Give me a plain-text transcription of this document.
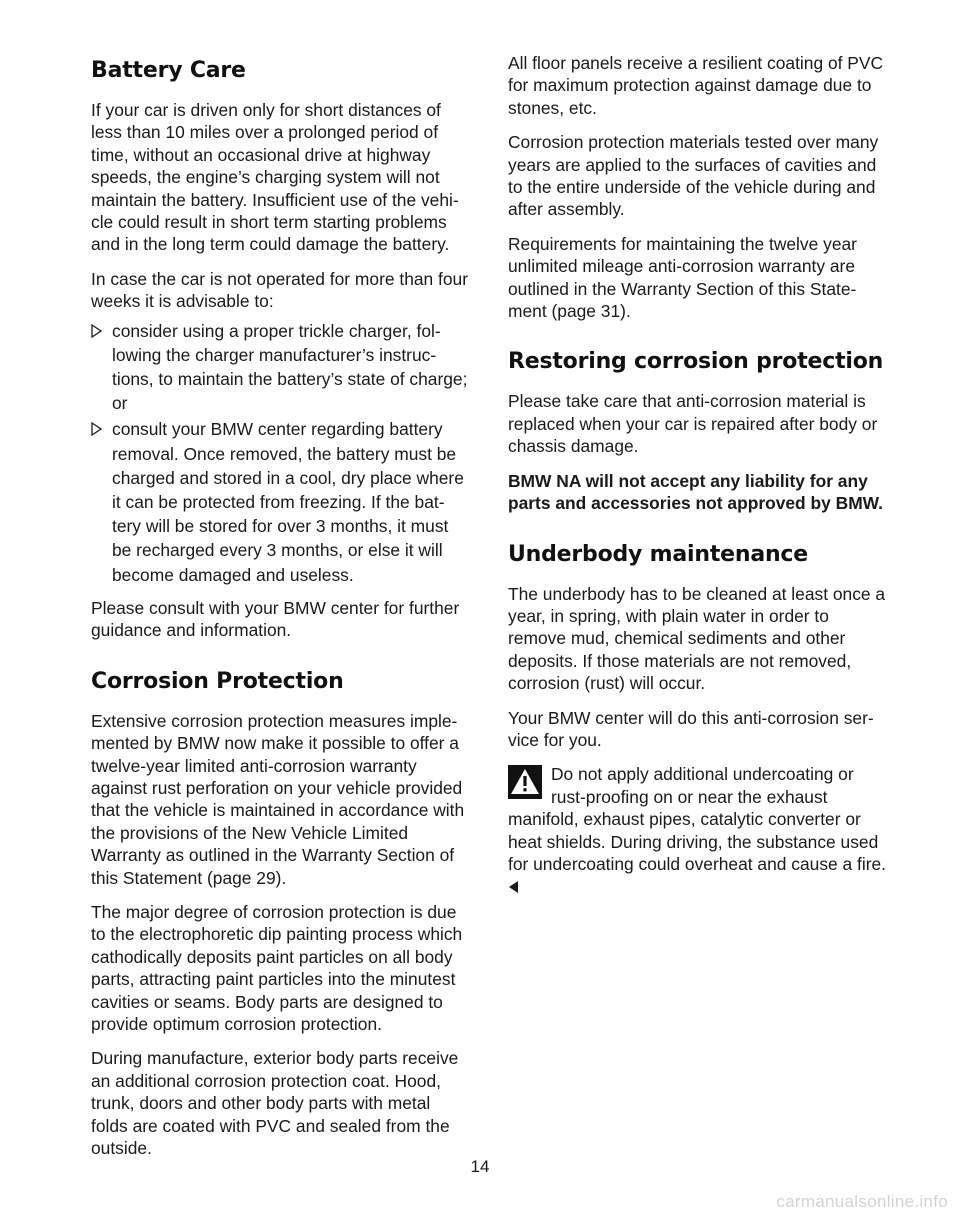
Battery Care

If your car is driven only for short distances of less than 10 miles over a prolonged period of time, without an occasional drive at highway speeds, the engine’s charging system will not maintain the battery. Insufficient use of the vehi-cle could result in short term starting problems and in the long term could damage the battery.

In case the car is not operated for more than four weeks it is advisable to:

consider using a proper trickle charger, fol-lowing the charger manufacturer’s instruc-tions, to maintain the battery’s state of charge; or
consult your BMW center regarding battery removal. Once removed, the battery must be charged and stored in a cool, dry place where it can be protected from freezing. If the bat-tery will be stored for over 3 months, it must be recharged every 3 months, or else it will become damaged and useless.

Please consult with your BMW center for further guidance and information.

Corrosion Protection

Extensive corrosion protection measures imple-mented by BMW now make it possible to offer a twelve-year limited anti-corrosion warranty against rust perforation on your vehicle provided that the vehicle is maintained in accordance with the provisions of the New Vehicle Limited Warranty as outlined in the Warranty Section of this Statement (page 29).

The major degree of corrosion protection is due to the electrophoretic dip painting process which cathodically deposits paint particles on all body parts, attracting paint particles into the minutest cavities or seams. Body parts are designed to provide optimum corrosion protection.

During manufacture, exterior body parts receive an additional corrosion protection coat. Hood, trunk, doors and other body parts with metal folds are coated with PVC and sealed from the outside.

All floor panels receive a resilient coating of PVC for maximum protection against damage due to stones, etc.

Corrosion protection materials tested over many years are applied to the surfaces of cavities and to the entire underside of the vehicle during and after assembly.

Requirements for maintaining the twelve year unlimited mileage anti-corrosion warranty are outlined in the Warranty Section of this State-ment (page 31).

Restoring corrosion protection

Please take care that anti-corrosion material is replaced when your car is repaired after body or chassis damage.

BMW NA will not accept any liability for any parts and accessories not approved by BMW.

Underbody maintenance

The underbody has to be cleaned at least once a year, in spring, with plain water in order to remove mud, chemical sediments and other deposits. If those materials are not removed, corrosion (rust) will occur.

Your BMW center will do this anti-corrosion ser-vice for you.

Do not apply additional undercoating or rust-proofing on or near the exhaust manifold, exhaust pipes, catalytic converter or heat shields. During driving, the substance used for undercoating could overheat and cause a fire.
14
carmanualsonline.info
